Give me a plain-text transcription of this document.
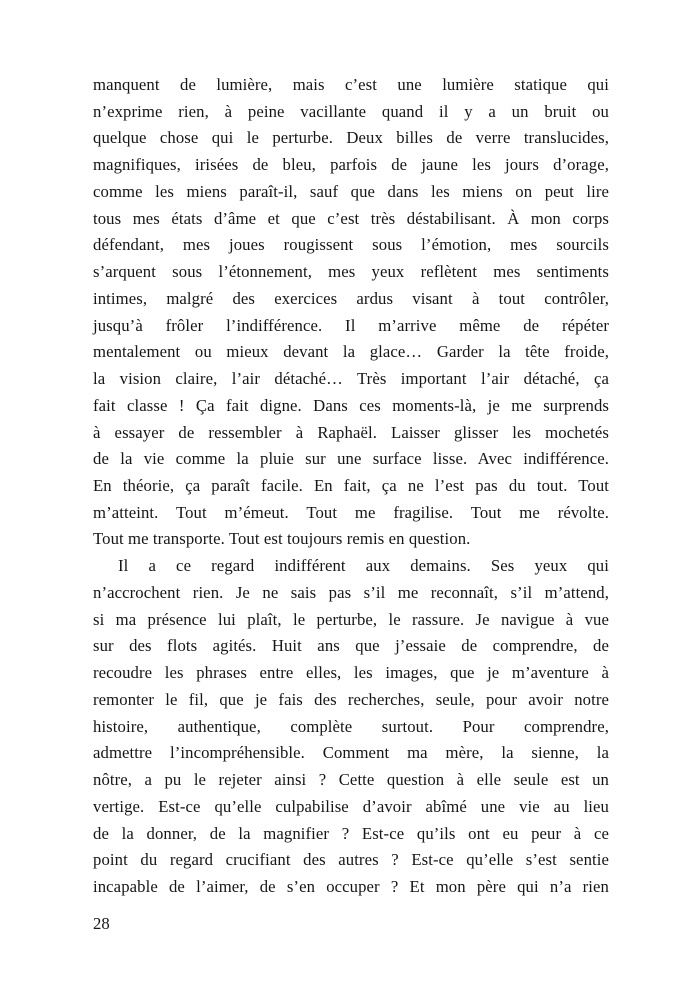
manquent de lumière, mais c’est une lumière statique qui
n’exprime rien, à peine vacillante quand il y a un bruit ou
quelque chose qui le perturbe. Deux billes de verre translucides,
magnifiques, irisées de bleu, parfois de jaune les jours d’orage,
comme les miens paraît-il, sauf que dans les miens on peut lire
tous mes états d’âme et que c’est très déstabilisant. À mon corps
défendant, mes joues rougissent sous l’émotion, mes sourcils
s’arquent sous l’étonnement, mes yeux reflètent mes sentiments
intimes, malgré des exercices ardus visant à tout contrôler,
jusqu’à frôler l’indifférence. Il m’arrive même de répéter
mentalement ou mieux devant la glace… Garder la tête froide,
la vision claire, l’air détaché… Très important l’air détaché, ça
fait classe ! Ça fait digne. Dans ces moments-là, je me surprends
à essayer de ressembler à Raphaël. Laisser glisser les mochetés
de la vie comme la pluie sur une surface lisse. Avec indifférence.
En théorie, ça paraît facile. En fait, ça ne l’est pas du tout. Tout
m’atteint. Tout m’émeut. Tout me fragilise. Tout me révolte.
Tout me transporte. Tout est toujours remis en question.
Il a ce regard indifférent aux demains. Ses yeux qui
n’accrochent rien. Je ne sais pas s’il me reconnaît, s’il m’attend,
si ma présence lui plaît, le perturbe, le rassure. Je navigue à vue
sur des flots agités. Huit ans que j’essaie de comprendre, de
recoudre les phrases entre elles, les images, que je m’aventure à
remonter le fil, que je fais des recherches, seule, pour avoir notre
histoire, authentique, complète surtout. Pour comprendre,
admettre l’incompréhensible. Comment ma mère, la sienne, la
nôtre, a pu le rejeter ainsi ? Cette question à elle seule est un
vertige. Est-ce qu’elle culpabilise d’avoir abîmé une vie au lieu
de la donner, de la magnifier ? Est-ce qu’ils ont eu peur à ce
point du regard crucifiant des autres ? Est-ce qu’elle s’est sentie
incapable de l’aimer, de s’en occuper ? Et mon père qui n’a rien
28
